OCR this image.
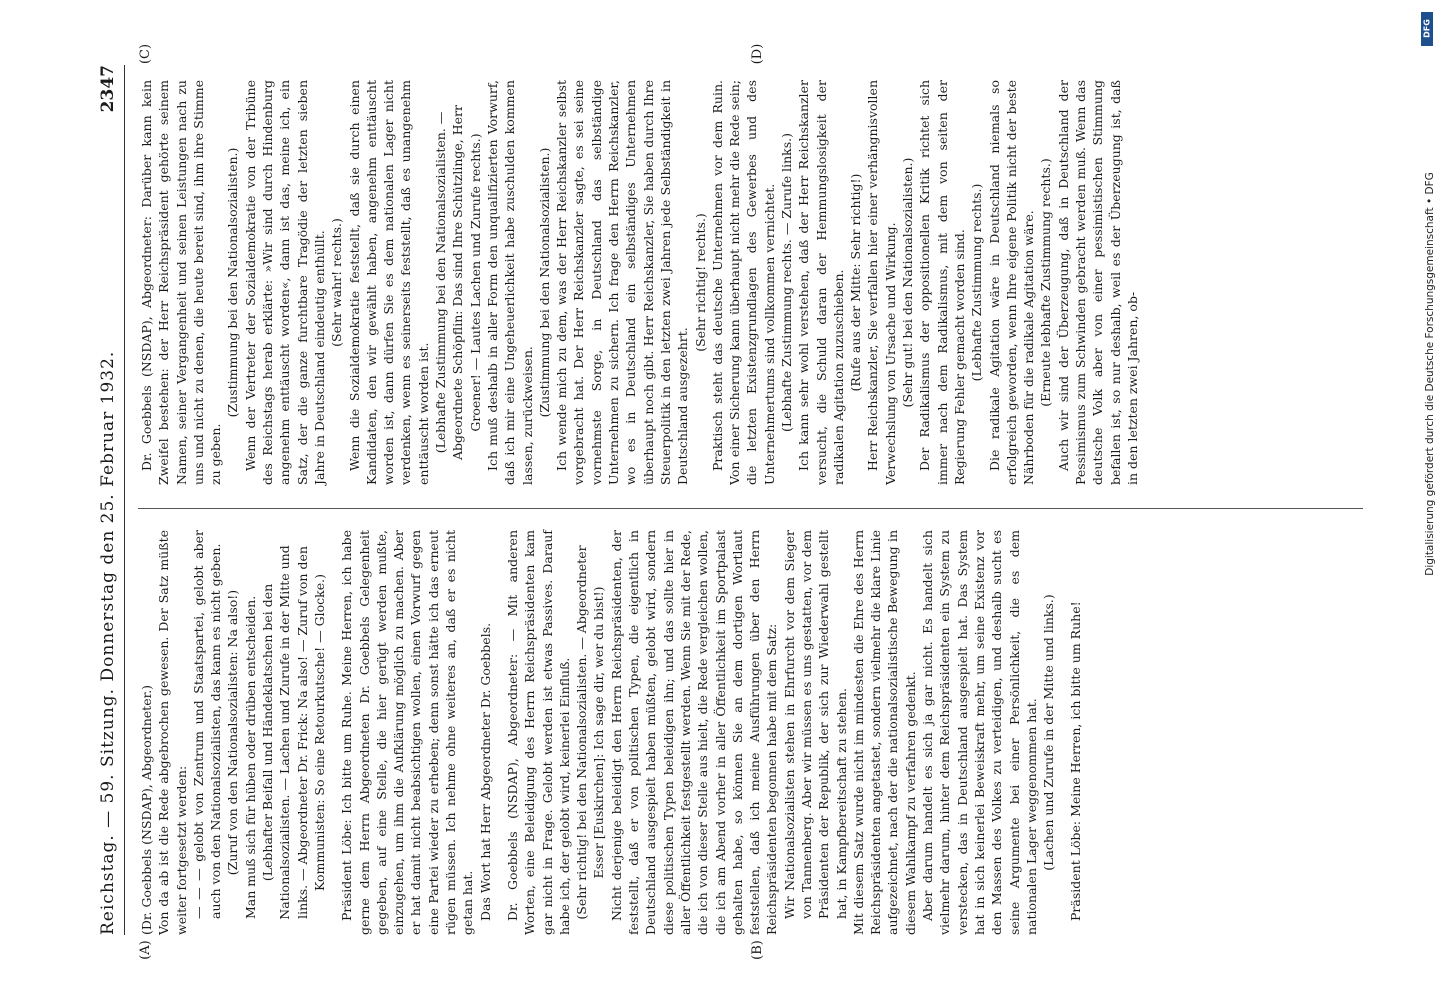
Reichstag. — 59. Sitzung. Donnerstag den 25. Februar 1932.
2347

(Dr. Goebbels (NSDAP), Abgeordneter.) Von da ab ist die Rede abgebrochen gewesen. Der Satz müßte weiter fortgesetzt werden: — — — gelobt von Zentrum und Staatspartei, gelobt aber auch von den Nationalsozialisten, das kann es nicht geben. (Zuruf von den Nationalsozialisten: Na also!) Man muß sich für hüben oder drüben entscheiden. (Lebhafter Beifall und Händeklatschen bei den Nationalsozialisten. — Lachen und Zurufe in der Mitte und links. — Abgeordneter Dr. Frick: Na also! — Zuruf von den Kommunisten: So eine Retourkutsche! — Glocke.) Präsident Löbe: Ich bitte um Ruhe. Meine Herren, ich habe gerne dem Herrn Abgeordneten Dr. Goebbels Gelegenheit gegeben, auf eine Stelle, die hier gerügt werden mußte, einzugehen, um ihm die Aufklärung möglich zu machen. Aber er hat damit nicht beabsichtigen wollen, einen Vorwurf gegen eine Partei wieder zu erheben; denn sonst hätte ich das erneut rügen müssen. Ich nehme ohne weiteres an, daß er es nicht getan hat. Das Wort hat Herr Abgeordneter Dr. Goebbels. Dr. Goebbels (NSDAP), Abgeordneter: — Mit anderen Worten, eine Beleidigung des Herrn Reichspräsidenten kam gar nicht in Frage. Gelobt werden ist etwas Passives. Darauf habe ich, der gelobt wird, keinerlei Einfluß. (Sehr richtig! bei den Nationalsozialisten. — Abgeordneter Esser [Euskirchen]: Ich sage dir, wer du bist!) Nicht derjenige beleidigt den Herrn Reichspräsidenten, der feststellt, daß er von politischen Typen, die eigentlich in Deutschland ausgespielt haben müßten, gelobt wird, sondern diese politischen Typen beleidigen ihn; und das sollte hier in aller Öffentlichkeit festgestellt werden. Wenn Sie mit der Rede, die ich von dieser Stelle aus hielt, die Rede vergleichen wollen, die ich am Abend vorher in aller Öffentlichkeit im Sportpalast gehalten habe, so können Sie an dem dortigen Wortlaut feststellen, daß ich meine Ausführungen über den Herrn Reichspräsidenten begonnen habe mit dem Satz: Wir Nationalsozialisten stehen in Ehrfurcht vor dem Sieger von Tannenberg. Aber wir müssen es uns gestatten, vor dem Präsidenten der Republik, der sich zur Wiederwahl gestellt hat, in Kampfbereitschaft zu stehen. Mit diesem Satz wurde nicht im mindesten die Ehre des Herrn Reichspräsidenten angetastet, sondern vielmehr die klare Linie aufgezeichnet, nach der die nationalsozialistische Bewegung in diesem Wahlkampf zu verfahren gedenkt. Aber darum handelt es sich ja gar nicht. Es handelt sich vielmehr darum, hinter dem Reichspräsidenten ein System zu verstecken, das in Deutschland ausgespielt hat. Das System hat in sich keinerlei Beweiskraft mehr, um seine Existenz vor den Massen des Volkes zu verteidigen, und deshalb sucht es seine Argumente bei einer Persönlichkeit, die es dem nationalen Lager weggenommen hat. (Lachen und Zurufe in der Mitte und links.) Präsident Löbe: Meine Herren, ich bitte um Ruhe!

Dr. Goebbels (NSDAP), Abgeordneter: Darüber kann kein Zweifel bestehen: der Herr Reichspräsident gehörte seinem Namen, seiner Vergangenheit und seinen Leistungen nach zu uns und nicht zu denen, die heute bereit sind, ihm ihre Stimme zu geben.

(Zustimmung bei den Nationalsozialisten.) Wenn der Vertreter der Sozialdemokratie von der Tribüne des Reichstags herab erklärte: »Wir sind durch Hindenburg angenehm enttäuscht worden«, dann ist das, meine ich, ein Satz, der die ganze furchtbare Tragödie der letzten sieben Jahre in Deutschland eindeutig enthüllt. (Sehr wahr! rechts.) Wenn die Sozialdemokratie feststellt, daß sie durch einen Kandidaten, den wir gewählt haben, angenehm enttäuscht worden ist, dann dürfen Sie es dem nationalen Lager nicht verdenken, wenn es seinerseits feststellt, daß es unangenehm enttäuscht worden ist. (Lebhafte Zustimmung bei den Nationalsozialisten. — Abgeordnete Schöpflin: Das sind Ihre Schützlinge, Herr Groener! — Lautes Lachen und Zurufe rechts.) Ich muß deshalb in aller Form den unqualifizierten Vorwurf, daß ich mir eine Ungeheuerlichkeit habe zuschulden kommen lassen, zurückweisen. (Zustimmung bei den Nationalsozialisten.) Ich wende mich zu dem, was der Herr Reichskanzler selbst vorgebracht hat. Der Herr Reichskanzler sagte, es sei seine vornehmste Sorge, in Deutschland das selbständige Unternehmen zu sichern. Ich frage den Herrn Reichskanzler, wo es in Deutschland ein selbständiges Unternehmen überhaupt noch gibt. Herr Reichskanzler, Sie haben durch Ihre Steuerpolitik in den letzten zwei Jahren jede Selbständigkeit in Deutschland ausgezehrt.

(Sehr richtig! rechts.) Praktisch steht das deutsche Unternehmen vor dem Ruin. Von einer Sicherung kann überhaupt nicht mehr die Rede sein; die letzten Existenzgrundlagen des Gewerbes und des Unternehmertums sind vollkommen vernichtet. (Lebhafte Zustimmung rechts. — Zurufe links.) Ich kann sehr wohl verstehen, daß der Herr Reichskanzler versucht, die Schuld daran der Hemmungslosigkeit der radikalen Agitation zuzuschieben. (Rufe aus der Mitte: Sehr richtig!) Herr Reichskanzler, Sie verfallen hier einer verhängnisvollen Verwechslung von Ursache und Wirkung. (Sehr gut! bei den Nationalsozialisten.) Der Radikalismus der oppositionellen Kritik richtet sich immer nach dem Radikalismus, mit dem von seiten der Regierung Fehler gemacht worden sind. (Lebhafte Zustimmung rechts.) Die radikale Agitation wäre in Deutschland niemals so erfolgreich geworden, wenn Ihre eigene Politik nicht der beste Nährboden für die radikale Agitation wäre. (Erneute lebhafte Zustimmung rechts.) Auch wir sind der Überzeugung, daß in Deutschland der Pessimismus zum Schwinden gebracht werden muß. Wenn das deutsche Volk aber von einer pessimistischen Stimmung befallen ist, so nur deshalb, weil es der Überzeugung ist, daß in den letzten zwei Jahren, ob-

(A)	(B)
(C)	(D)
DFG
Digitalisierung gefördert durch die Deutsche Forschungsgemeinschaft • DFG
